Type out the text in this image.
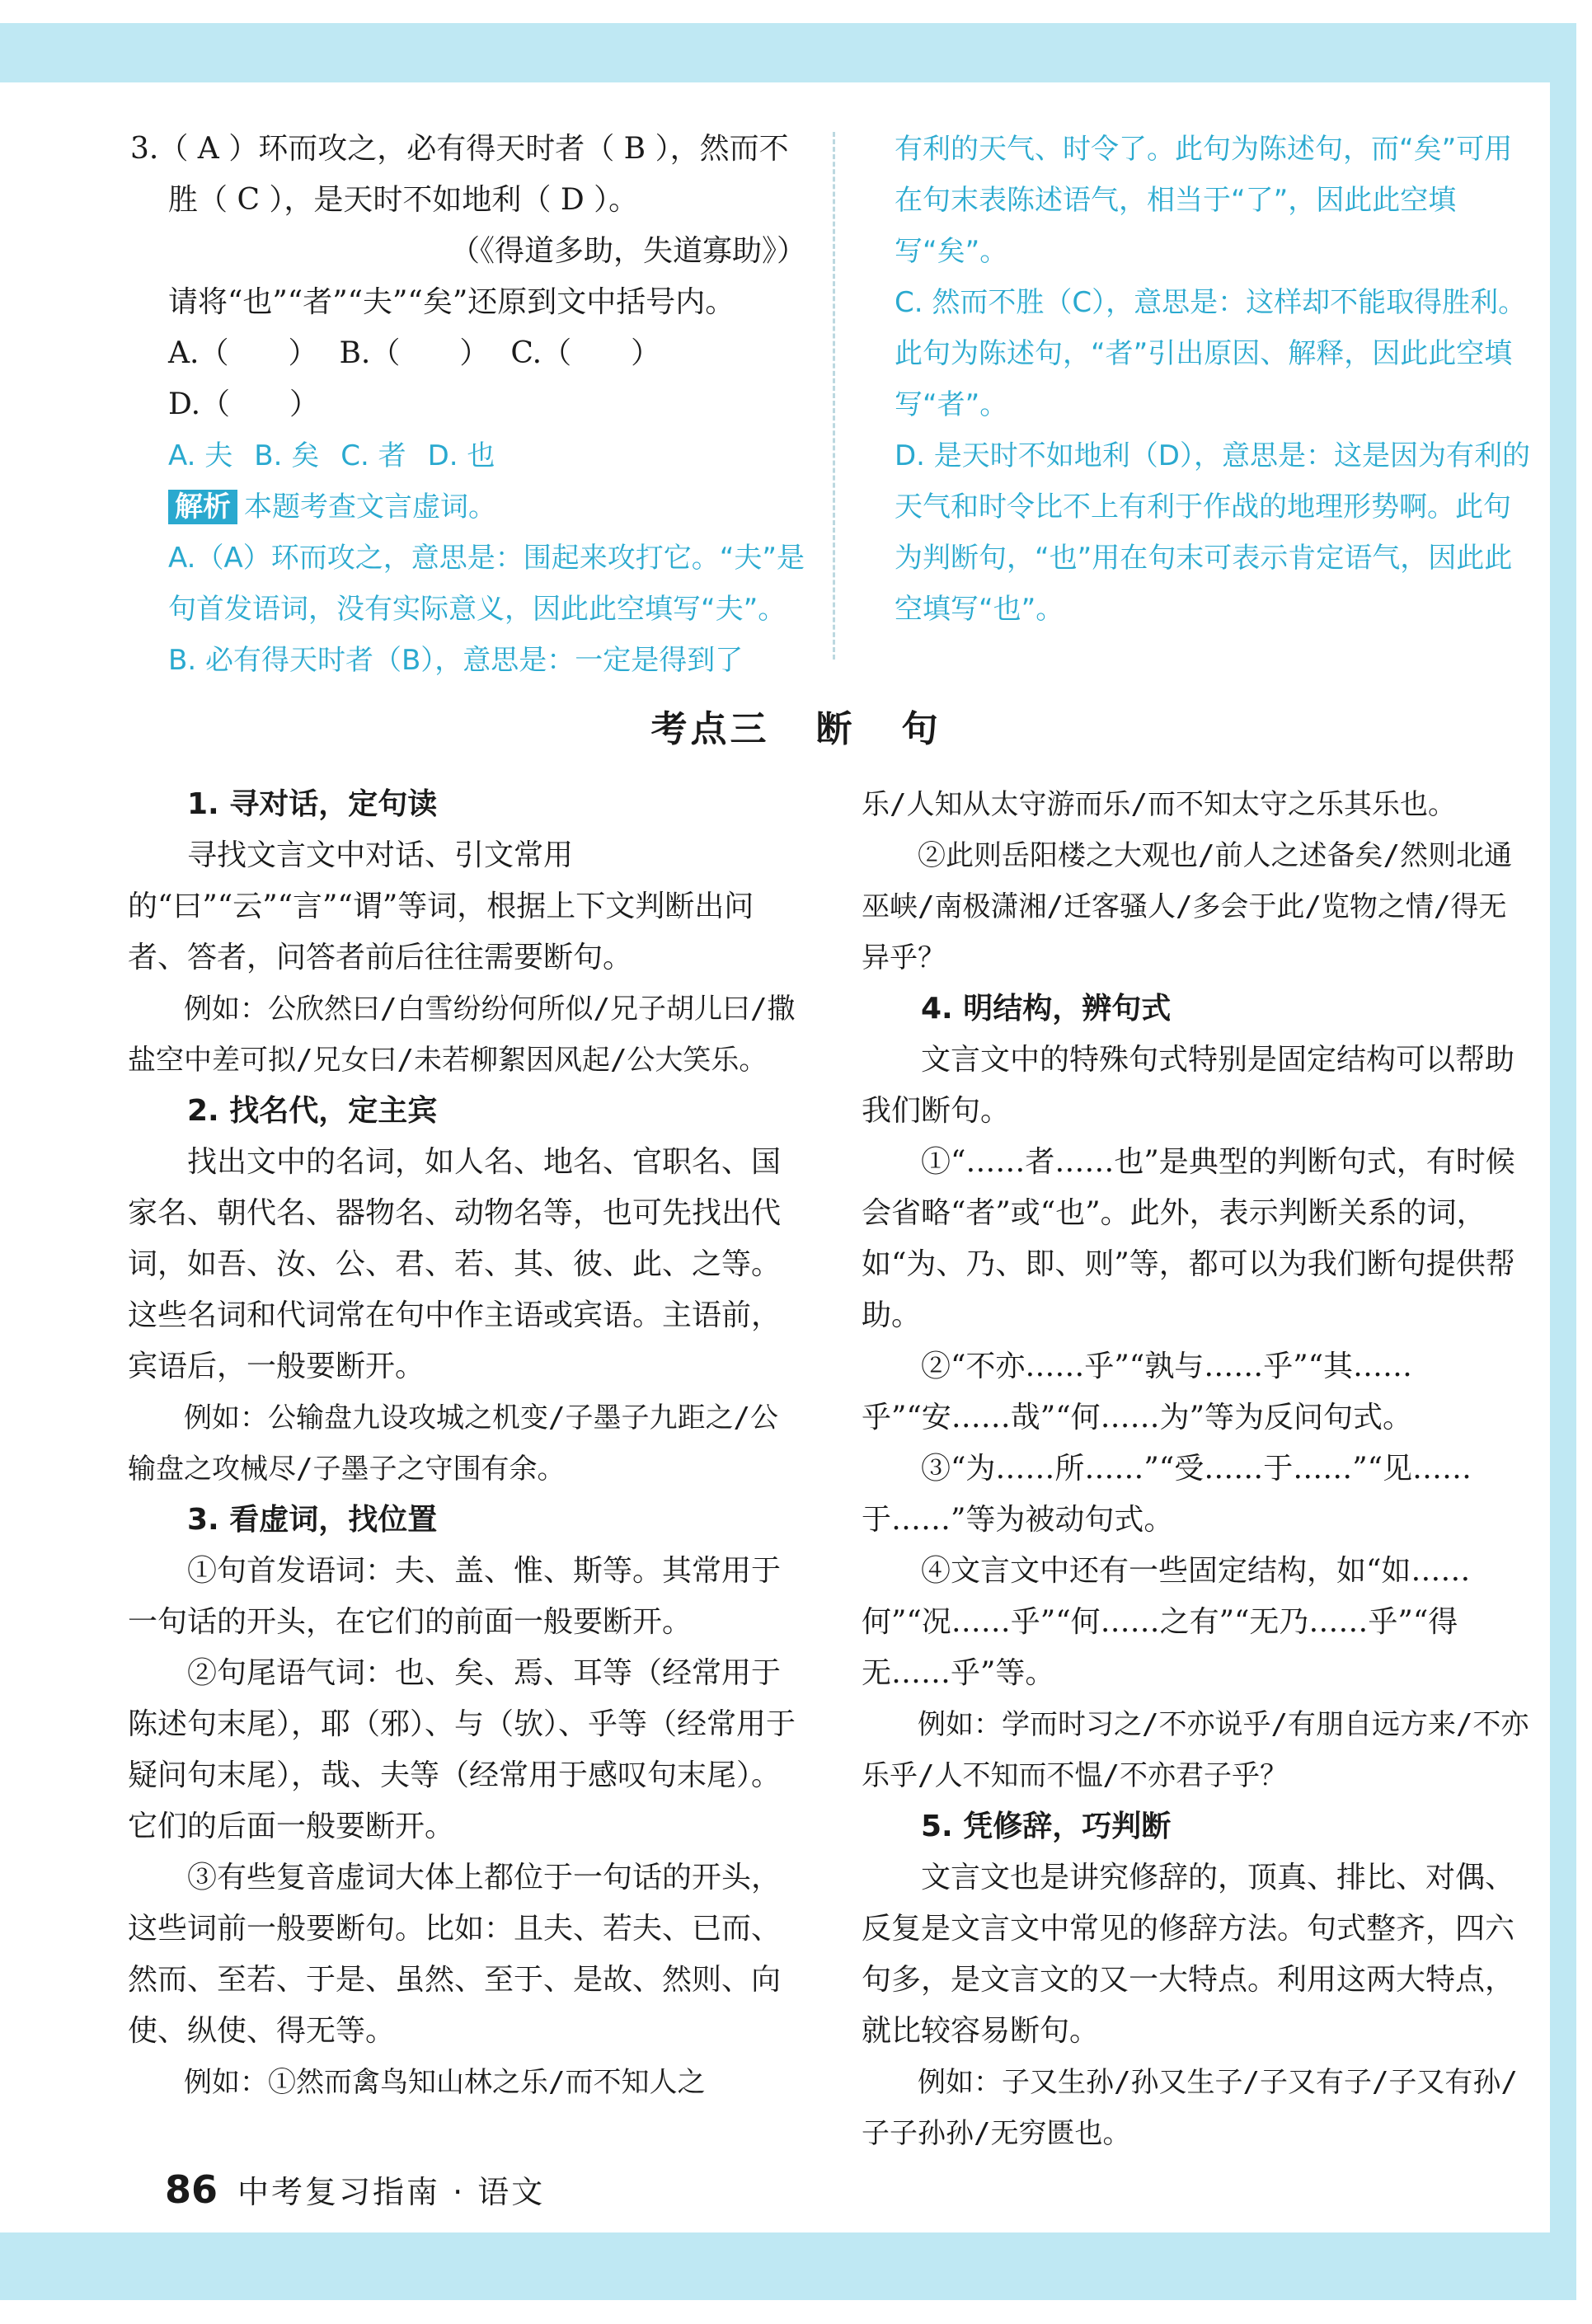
3.（ A ）环而攻之，必有得天时者（ B ），然而不

胜（ C ），是天时不如地利（ D ）。

（《得道多助，失道寡助》）

请将“也”“者”“夫”“矣”还原到文中括号内。

A.（　　） B.（　　） C.（　　）D.（　　）

A. 夫 B. 矣 C. 者 D. 也

解析 本题考查文言虚词。

A.（A）环而攻之，意思是：围起来攻打它。“夫”是句首发语词，没有实际意义，因此此空填写“夫”。

B. 必有得天时者（B），意思是：一定是得到了

有利的天气、时令了。此句为陈述句，而“矣”可用在句末表陈述语气，相当于“了”，因此此空填写“矣”。

C. 然而不胜（C），意思是：这样却不能取得胜利。此句为陈述句，“者”引出原因、解释，因此此空填写“者”。

D. 是天时不如地利（D），意思是：这是因为有利的天气和时令比不上有利于作战的地理形势啊。此句为判断句，“也”用在句末可表示肯定语气，因此此空填写“也”。

考点三 断 句

1. 寻对话，定句读

寻找文言文中对话、引文常用的“曰”“云”“言”“谓”等词，根据上下文判断出问者、答者，问答者前后往往需要断句。

例如：公欣然曰/白雪纷纷何所似/兄子胡儿曰/撒盐空中差可拟/兄女曰/未若柳絮因风起/公大笑乐。

2. 找名代，定主宾

找出文中的名词，如人名、地名、官职名、国家名、朝代名、器物名、动物名等，也可先找出代词，如吾、汝、公、君、若、其、彼、此、之等。这些名词和代词常在句中作主语或宾语。主语前，宾语后，一般要断开。

例如：公输盘九设攻城之机变/子墨子九距之/公输盘之攻械尽/子墨子之守围有余。

3. 看虚词，找位置

①句首发语词：夫、盖、惟、斯等。其常用于一句话的开头，在它们的前面一般要断开。

②句尾语气词：也、矣、焉、耳等（经常用于陈述句末尾），耶（邪）、与（欤）、乎等（经常用于疑问句末尾），哉、夫等（经常用于感叹句末尾）。它们的后面一般要断开。

③有些复音虚词大体上都位于一句话的开头，这些词前一般要断句。比如：且夫、若夫、已而、然而、至若、于是、虽然、至于、是故、然则、向使、纵使、得无等。

例如：①然而禽鸟知山林之乐/而不知人之

乐/人知从太守游而乐/而不知太守之乐其乐也。

②此则岳阳楼之大观也/前人之述备矣/然则北通巫峡/南极潇湘/迁客骚人/多会于此/览物之情/得无异乎？

4. 明结构，辨句式

文言文中的特殊句式特别是固定结构可以帮助我们断句。

①“……者……也”是典型的判断句式，有时候会省略“者”或“也”。此外，表示判断关系的词，如“为、乃、即、则”等，都可以为我们断句提供帮助。

②“不亦……乎”“孰与……乎”“其……乎”“安……哉”“何……为”等为反问句式。

③“为……所……”“受……于……”“见……于……”等为被动句式。

④文言文中还有一些固定结构，如“如……何”“况……乎”“何……之有”“无乃……乎”“得无……乎”等。

例如：学而时习之/不亦说乎/有朋自远方来/不亦乐乎/人不知而不愠/不亦君子乎？

5. 凭修辞，巧判断

文言文也是讲究修辞的，顶真、排比、对偶、反复是文言文中常见的修辞方法。句式整齐，四六句多，是文言文的又一大特点。利用这两大特点，就比较容易断句。

例如：子又生孙/孙又生子/子又有子/子又有孙/子子孙孙/无穷匮也。

86 中考复习指南 · 语文
